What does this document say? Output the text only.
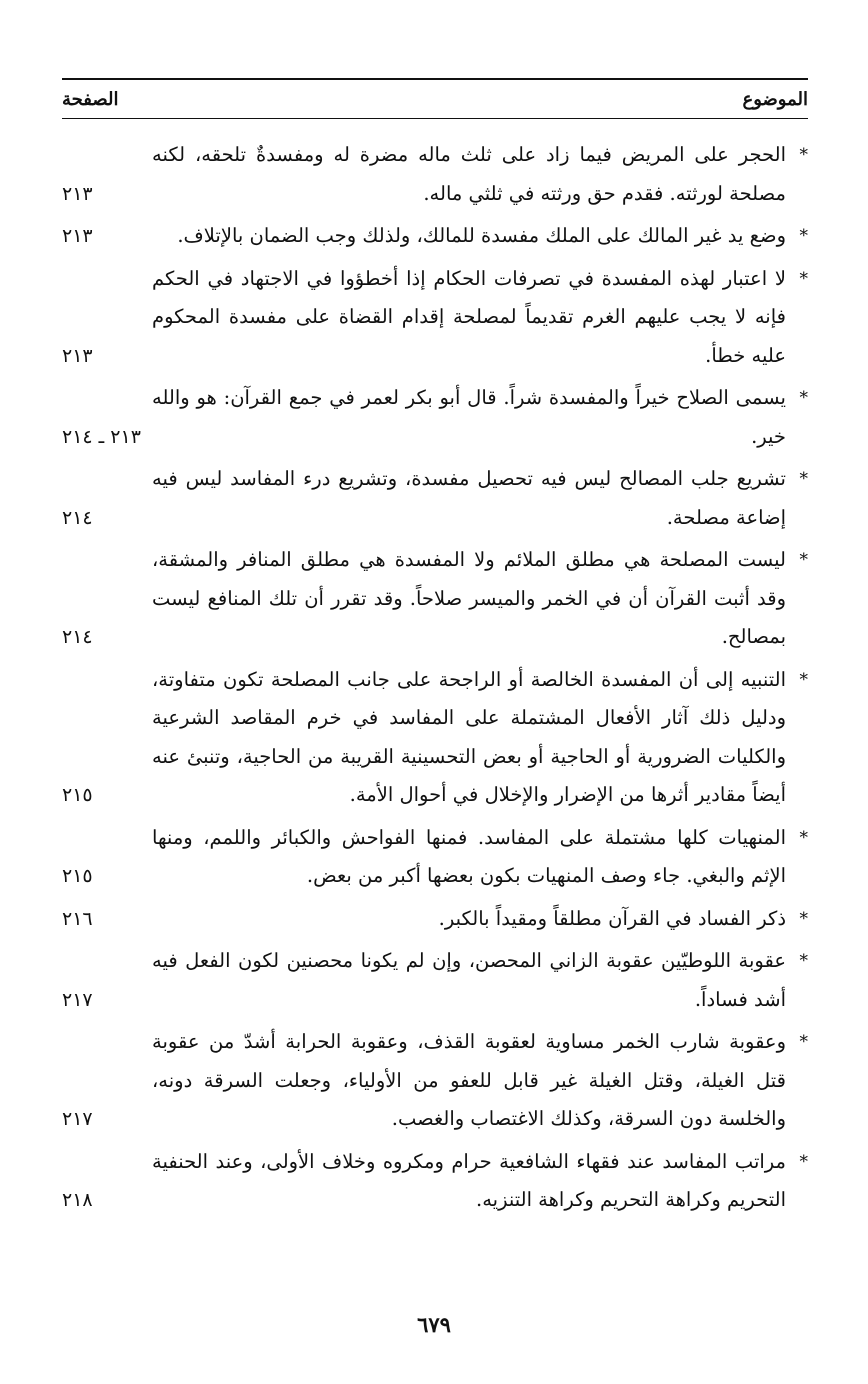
الموضوع
الصفحة
*
الحجر على المريض فيما زاد على ثلث ماله مضرة له ومفسدةٌ تلحقه، لكنه مصلحة لورثته. فقدم حق ورثته في ثلثي ماله.
٢١٣
*
وضع يد غير المالك على الملك مفسدة للمالك، ولذلك وجب الضمان بالإتلاف.
٢١٣
*
لا اعتبار لهذه المفسدة في تصرفات الحكام إذا أخطؤوا في الاجتهاد في الحكم فإنه لا يجب عليهم الغرم تقديماً لمصلحة إقدام القضاة على مفسدة المحكوم عليه خطأ.
٢١٣
*
يسمى الصلاح خيراً والمفسدة شراً. قال أبو بكر لعمر في جمع القرآن: هو والله خير.
٢١٣ ـ ٢١٤
*
تشريع جلب المصالح ليس فيه تحصيل مفسدة، وتشريع درء المفاسد ليس فيه إضاعة مصلحة.
٢١٤
*
ليست المصلحة هي مطلق الملائم ولا المفسدة هي مطلق المنافر والمشقة، وقد أثبت القرآن أن في الخمر والميسر صلاحاً. وقد تقرر أن تلك المنافع ليست بمصالح.
٢١٤
*
التنبيه إلى أن المفسدة الخالصة أو الراجحة على جانب المصلحة تكون متفاوتة، ودليل ذلك آثار الأفعال المشتملة على المفاسد في خرم المقاصد الشرعية والكليات الضرورية أو الحاجية أو بعض التحسينية القريبة من الحاجية، وتنبئ عنه أيضاً مقادير أثرها من الإضرار والإخلال في أحوال الأمة.
٢١٥
*
المنهيات كلها مشتملة على المفاسد. فمنها الفواحش والكبائر واللمم، ومنها الإثم والبغي. جاء وصف المنهيات بكون بعضها أكبر من بعض.
٢١٥
*
ذكر الفساد في القرآن مطلقاً ومقيداً بالكبر.
٢١٦
*
عقوبة اللوطيّين عقوبة الزاني المحصن، وإن لم يكونا محصنين لكون الفعل فيه أشد فساداً.
٢١٧
*
وعقوبة شارب الخمر مساوية لعقوبة القذف، وعقوبة الحرابة أشدّ من عقوبة قتل الغيلة، وقتل الغيلة غير قابل للعفو من الأولياء، وجعلت السرقة دونه، والخلسة دون السرقة، وكذلك الاغتصاب والغصب.
٢١٧
*
مراتب المفاسد عند فقهاء الشافعية حرام ومكروه وخلاف الأولى، وعند الحنفية التحريم وكراهة التحريم وكراهة التنزيه.
٢١٨
٦٧٩
